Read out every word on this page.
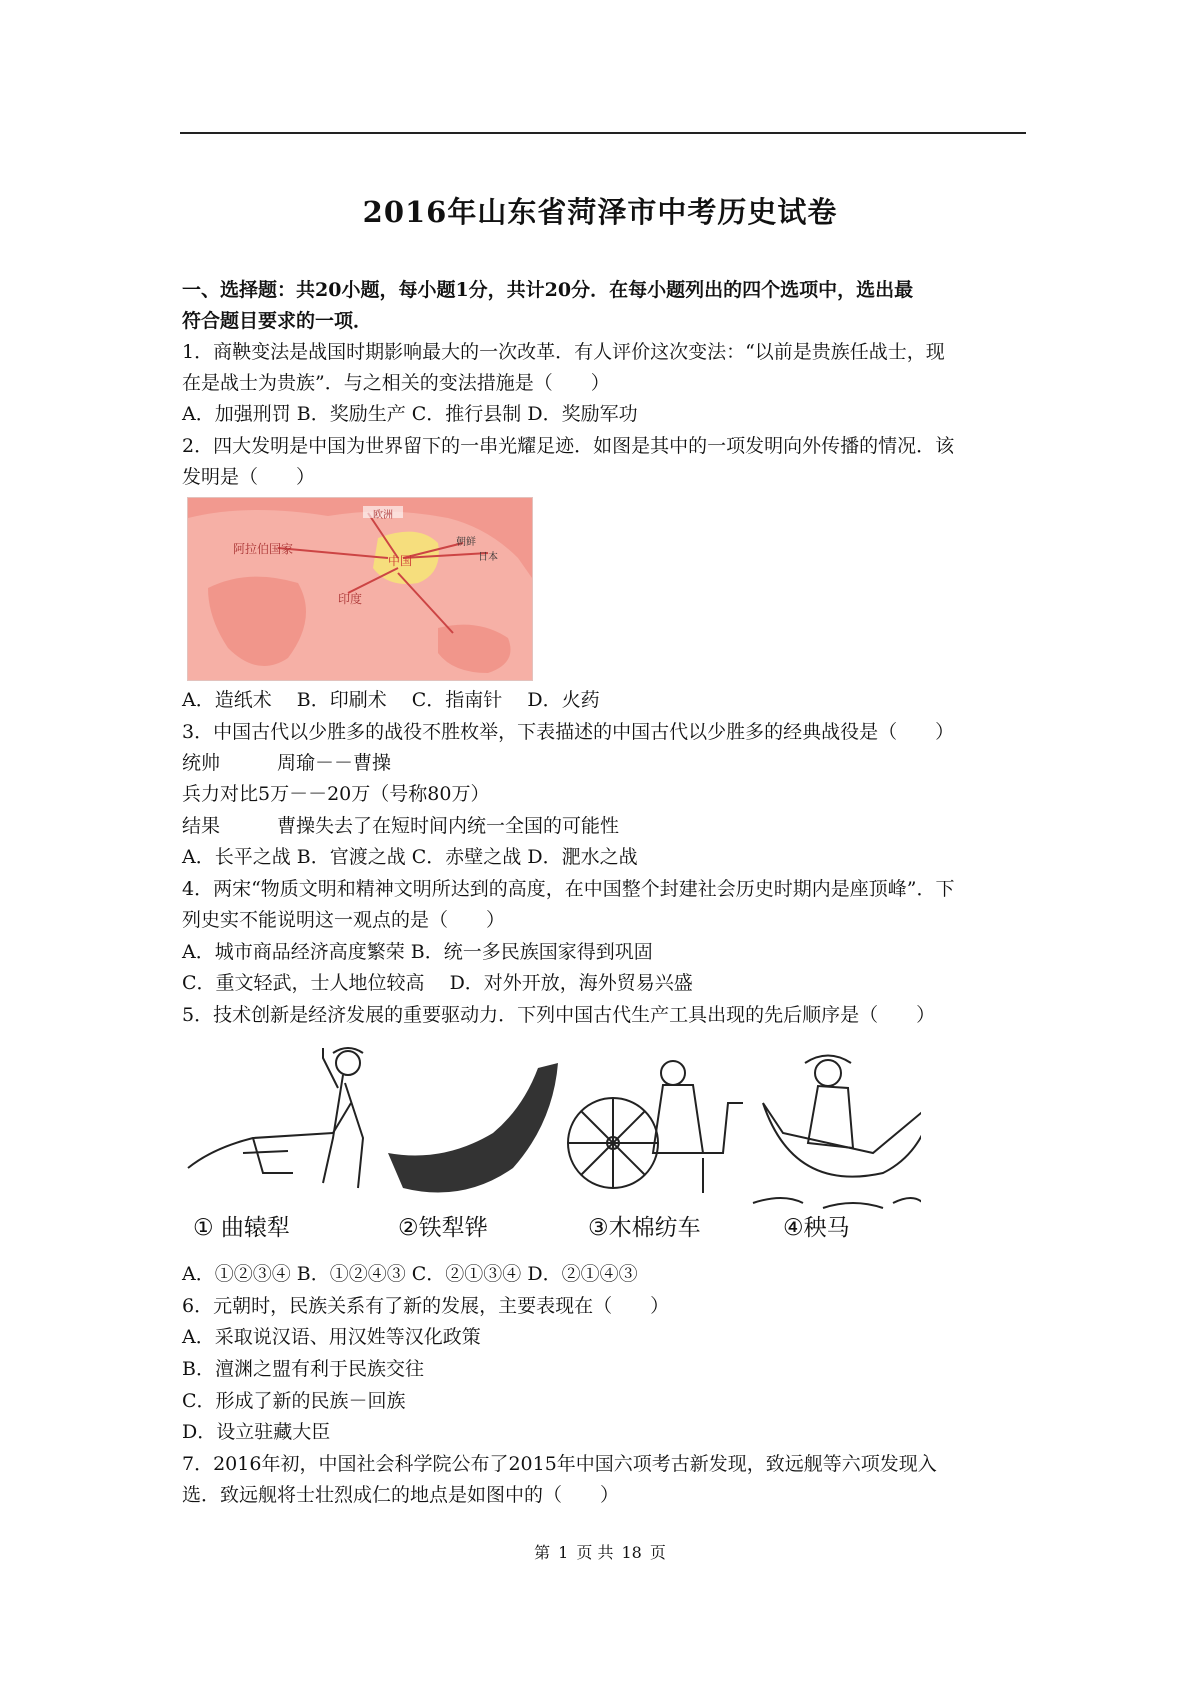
2016年山东省菏泽市中考历史试卷
一、选择题：共20小题，每小题1分，共计20分．在每小题列出的四个选项中，选出最
符合题目要求的一项．
1．商鞅变法是战国时期影响最大的一次改革．有人评价这次变法：“以前是贵族任战士，现
在是战士为贵族”．与之相关的变法措施是（　　）
A．加强刑罚 B．奖励生产 C．推行县制 D．奖励军功
2．四大发明是中国为世界留下的一串光耀足迹．如图是其中的一项发明向外传播的情况．该
发明是（　　）
欧洲
阿拉伯国家
中国
朝鲜
日本
印度
A．造纸术　 B．印刷术　 C．指南针　 D．火药
3．中国古代以少胜多的战役不胜枚举，下表描述的中国古代以少胜多的经典战役是（　　）
统帅　　　周瑜－－曹操
兵力对比5万－－20万（号称80万）
结果　　　曹操失去了在短时间内统一全国的可能性
A．长平之战 B．官渡之战 C．赤壁之战 D．淝水之战
4．两宋“物质文明和精神文明所达到的高度，在中国整个封建社会历史时期内是座顶峰”．下
列史实不能说明这一观点的是（　　）
A．城市商品经济高度繁荣 B．统一多民族国家得到巩固
C．重文轻武，士人地位较高　 D．对外开放，海外贸易兴盛
5．技术创新是经济发展的重要驱动力．下列中国古代生产工具出现的先后顺序是（　　）
① 曲辕犁	②铁犁铧	③木棉纺车	④秧马
A．①②③④ B．①②④③ C．②①③④ D．②①④③
6．元朝时，民族关系有了新的发展，主要表现在（　　）
A．采取说汉语、用汉姓等汉化政策
B．澶渊之盟有利于民族交往
C．形成了新的民族－回族
D．设立驻藏大臣
7．2016年初，中国社会科学院公布了2015年中国六项考古新发现，致远舰等六项发现入
选．致远舰将士壮烈成仁的地点是如图中的（　　）
第 1 页 共 18 页
